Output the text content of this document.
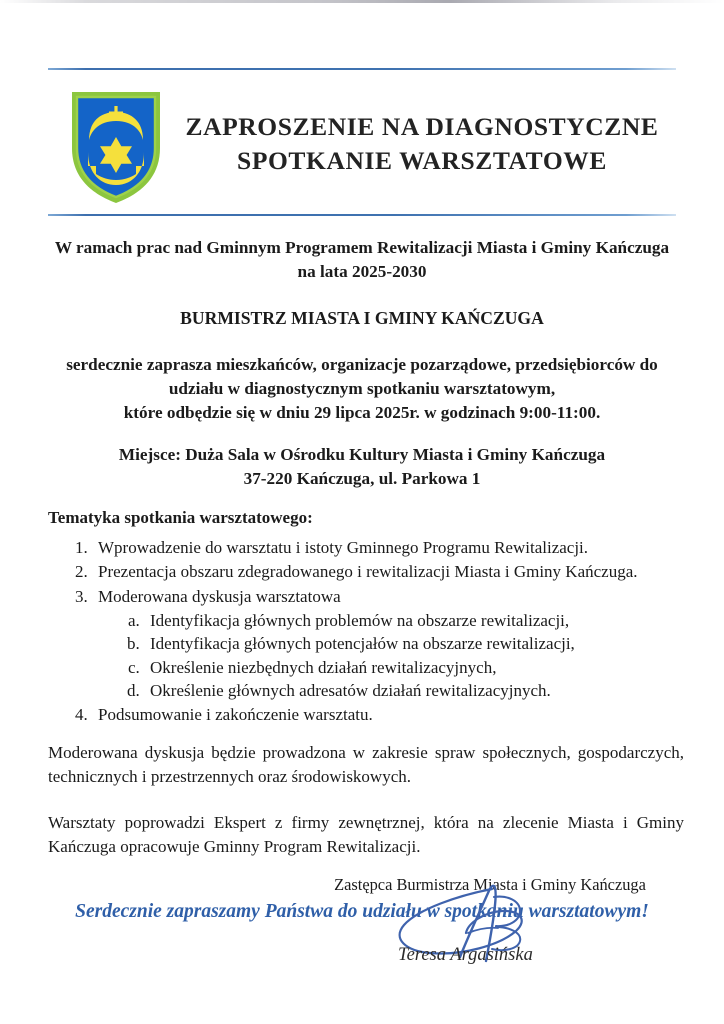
ZAPROSZENIE NA DIAGNOSTYCZNE
SPOTKANIE WARSZTATOWE
W ramach prac nad Gminnym Programem Rewitalizacji Miasta i Gminy Kańczuga
na lata 2025-2030
BURMISTRZ MIASTA I GMINY KAŃCZUGA
serdecznie zaprasza mieszkańców, organizacje pozarządowe, przedsiębiorców do
udziału w diagnostycznym spotkaniu warsztatowym,
które odbędzie się w dniu 29 lipca 2025r. w godzinach 9:00-11:00.
Miejsce: Duża Sala w Ośrodku Kultury Miasta i Gminy Kańczuga
37-220 Kańczuga, ul. Parkowa 1
Tematyka spotkania warsztatowego:
1. Wprowadzenie do warsztatu i istoty Gminnego Programu Rewitalizacji.
2. Prezentacja obszaru zdegradowanego i rewitalizacji Miasta i Gminy Kańczuga.
3. Moderowana dyskusja warsztatowa
a. Identyfikacja głównych problemów na obszarze rewitalizacji,
b. Identyfikacja głównych potencjałów na obszarze rewitalizacji,
c. Określenie niezbędnych działań rewitalizacyjnych,
d. Określenie głównych adresatów działań rewitalizacyjnych.
4. Podsumowanie i zakończenie warsztatu.
Moderowana dyskusja będzie prowadzona w zakresie spraw społecznych, gospodarczych, technicznych i przestrzennych oraz środowiskowych.
Warsztaty poprowadzi Ekspert z firmy zewnętrznej, która na zlecenie Miasta i Gminy Kańczuga opracowuje Gminny Program Rewitalizacji.
Serdecznie zapraszamy Państwa do udziału w spotkaniu warsztatowym!
Zastępca Burmistrza Miasta i Gminy Kańczuga
Teresa Argasińska
